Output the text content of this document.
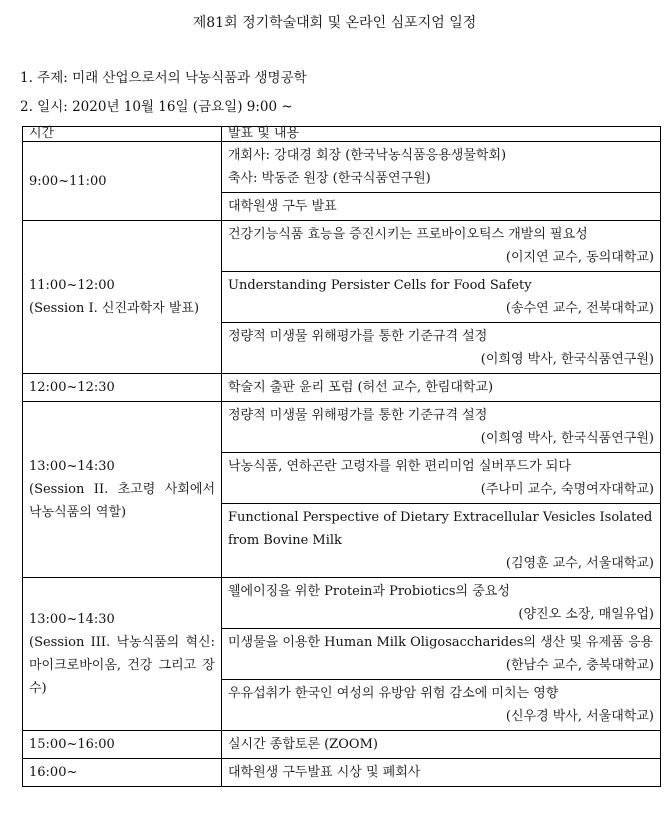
제81회 정기학술대회 및 온라인 심포지엄 일정
1. 주제: 미래 산업으로서의 낙농식품과 생명공학
2. 일시: 2020년 10월 16일 (금요일) 9:00 ~
시간	발표 및 내용
9:00~11:00	개회사: 강대경 회장 (한국낙농식품응용생물학회)
축사: 박동준 원장 (한국식품연구원)

	대학원생 구두 발표

11:00~12:00
(Session I. 신진과학자 발표)	건강기능식품 효능을 증진시키는 프로바이오틱스 개발의 필요성
(이지연 교수, 동의대학교)

	Understanding Persister Cells for Food Safety
(송수연 교수, 전북대학교)

	정량적 미생물 위해평가를 통한 기준규격 설정
(이희영 박사, 한국식품연구원)

12:00~12:30	학술지 출판 윤리 포럼 (허선 교수, 한림대학교)

13:00~14:30
(Session II. 초고령 사회에서 낙농식품의 역할)	정량적 미생물 위해평가를 통한 기준규격 설정
(이희영 박사, 한국식품연구원)

	낙농식품, 연하곤란 고령자를 위한 편리미엄 실버푸드가 되다
(주나미 교수, 숙명여자대학교)

	Functional Perspective of Dietary Extracellular Vesicles Isolated from Bovine Milk
(김영훈 교수, 서울대학교)

13:00~14:30
(Session III. 낙농식품의 혁신: 마이크로바이옴, 건강 그리고 장수)	웰에이징을 위한 Protein과 Probiotics의 중요성
(양진오 소장, 매일유업)

	미생물을 이용한 Human Milk Oligosaccharides의 생산 및 유제품 응용
(한남수 교수, 충북대학교)

	우유섭취가 한국인 여성의 유방암 위험 감소에 미치는 영향
(신우경 박사, 서울대학교)

15:00~16:00	실시간 종합토론 (ZOOM)
16:00~	대학원생 구두발표 시상 및 폐회사
